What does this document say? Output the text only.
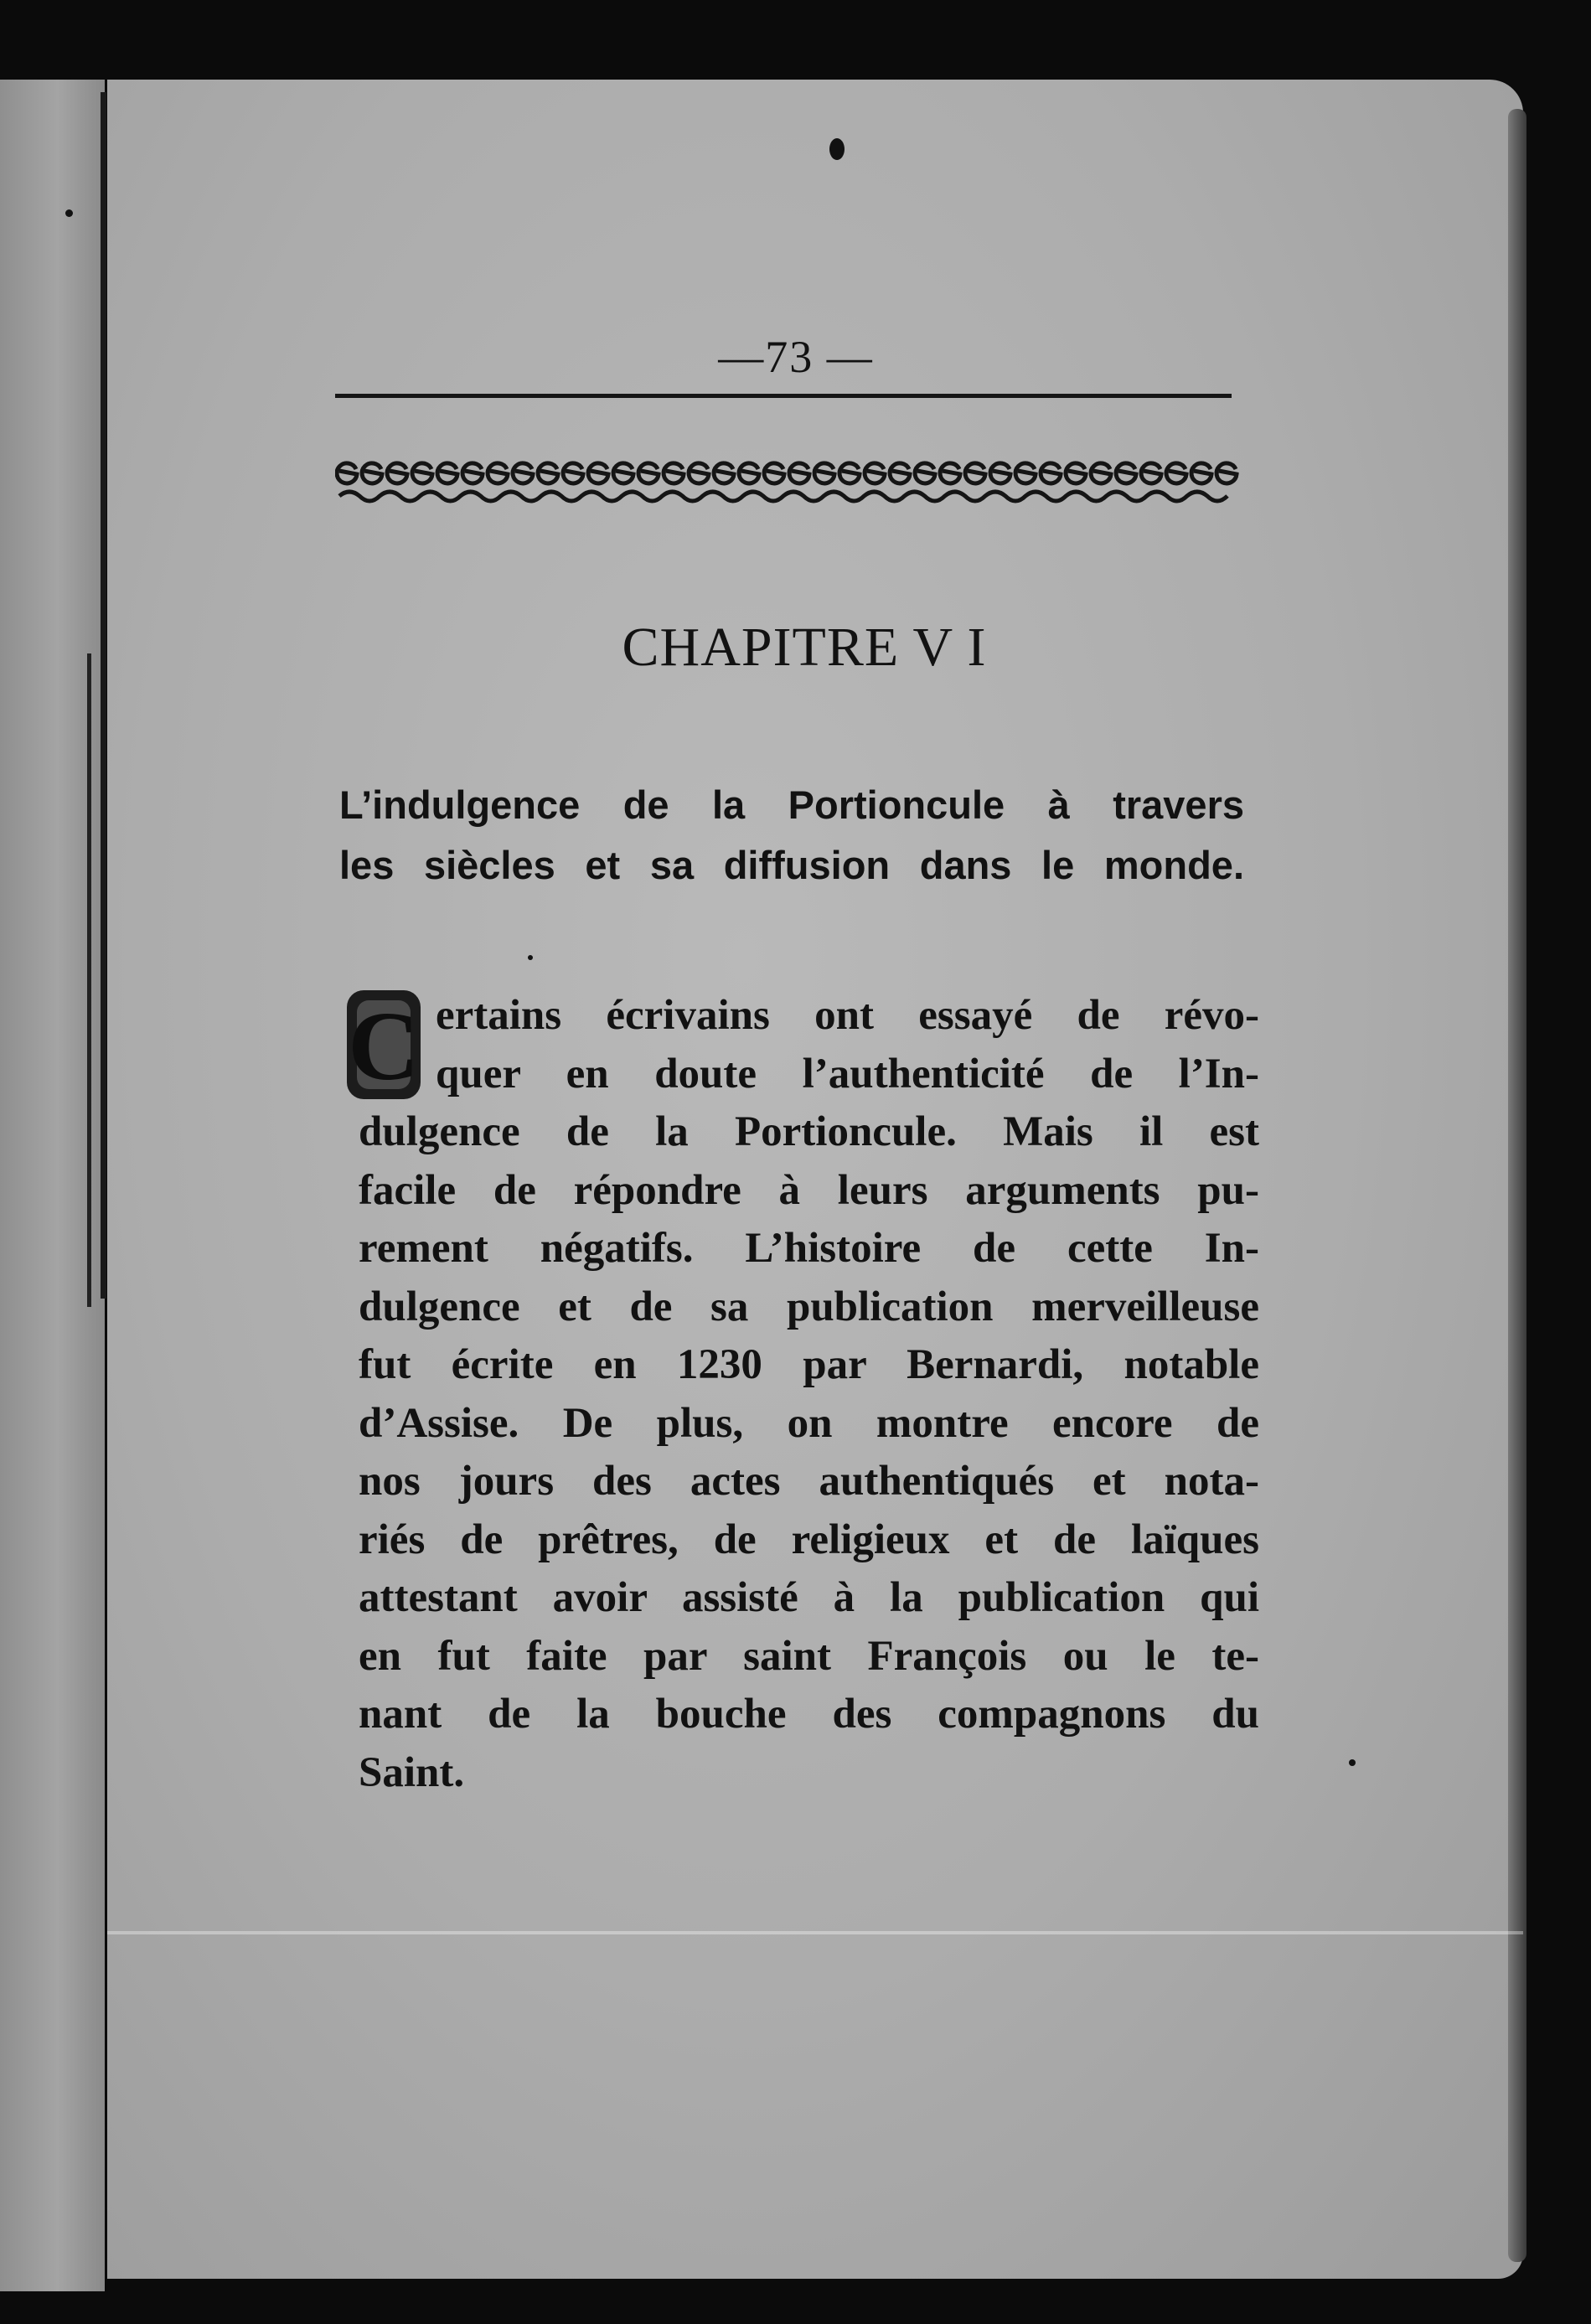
—73 —
CHAPITRE V I
L’indulgence de la Portioncule à travers
les siècles et sa diffusion dans le monde.
C ertains écrivains ont essayé de révo-
quer en doute l’authenticité de l’In-
dulgence de la Portioncule. Mais il est
facile de répondre à leurs arguments pu-
rement négatifs. L’histoire de cette In-
dulgence et de sa publication merveilleuse
fut écrite en 1230 par Bernardi, notable
d’Assise. De plus, on montre encore de
nos jours des actes authentiqués et nota-
riés de prêtres, de religieux et de laïques
attestant avoir assisté à la publication qui
en fut faite par saint François ou le te-
nant de la bouche des compagnons du
Saint.
